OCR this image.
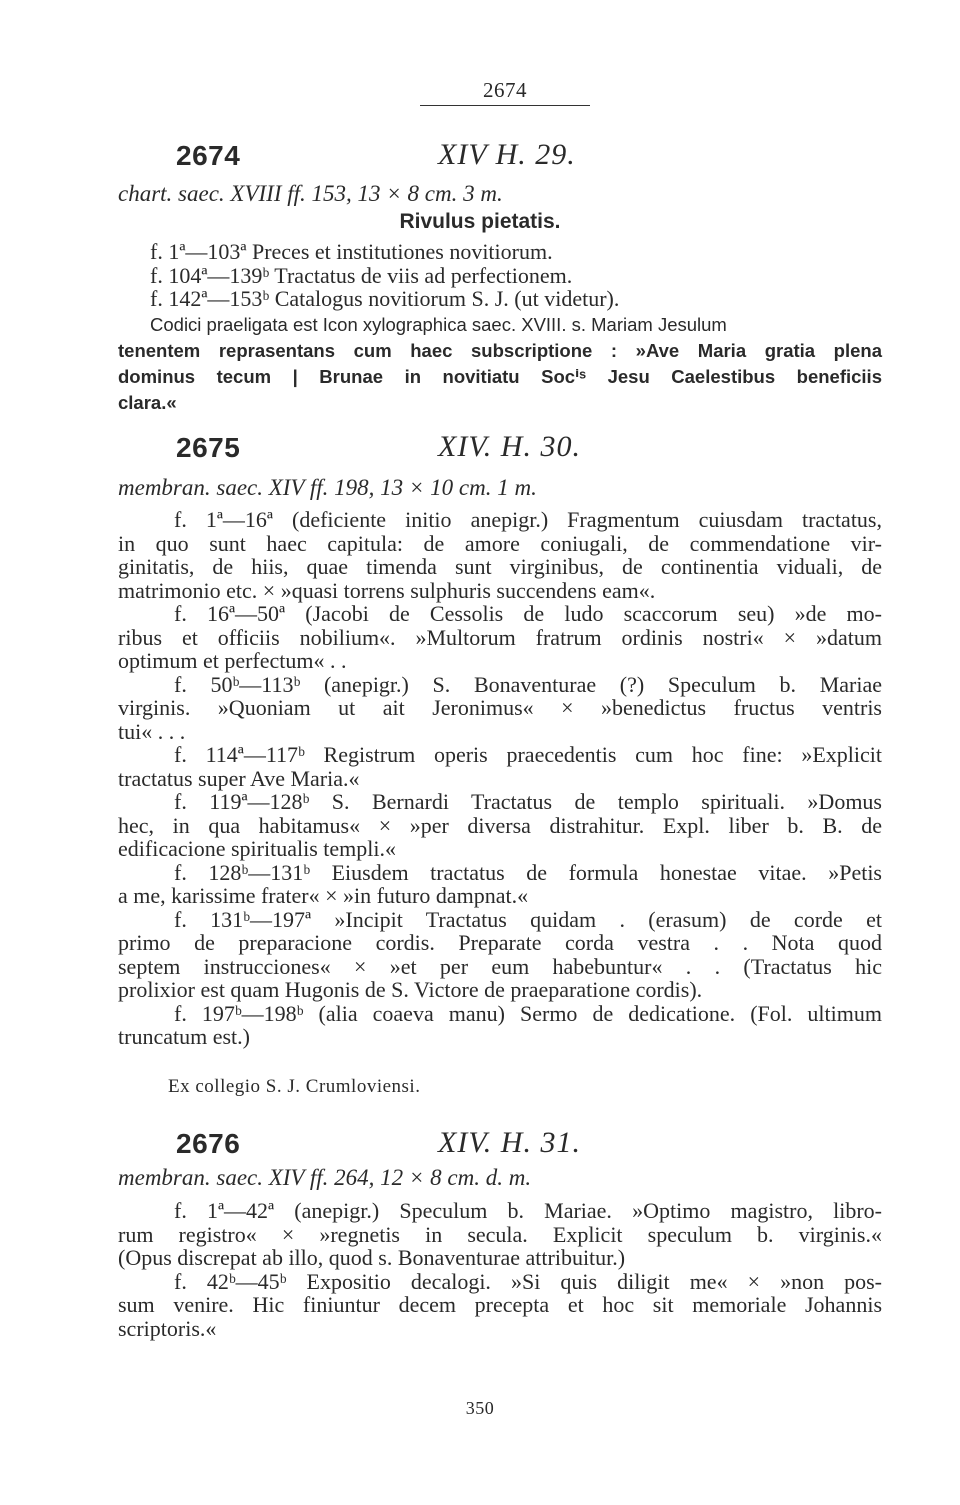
2674
2674	XIV H. 29.
chart. saec. XVIII ff. 153, 13 × 8 cm. 3 m.
Rivulus pietatis.

f. 1ª—103ª Preces et institutiones novitiorum.

f. 104ª—139ᵇ Tractatus de viis ad perfectionem.

f. 142ª—153ᵇ Catalogus novitiorum S. J. (ut videtur).

Codici praeligata est Icon xylographica saec. XVIII. s. Mariam Jesulum

tenentem reprasentans cum haec subscriptione : »Ave Maria gratia plena

dominus tecum | Brunae in novitiatu Socⁱˢ Jesu Caelestibus beneficiis

clara.«

2675	XIV. H. 30.
membran. saec. XIV ff. 198, 13 × 10 cm. 1 m.

f. 1ª—16ª (deficiente initio anepigr.) Fragmentum cuiusdam tractatus,

in quo sunt haec capitula: de amore coniugali, de commendatione vir-

ginitatis, de hiis, quae timenda sunt virginibus, de continentia viduali, de

matrimonio etc. × »quasi torrens sulphuris succendens eam«.

f. 16ª—50ª (Jacobi de Cessolis de ludo scaccorum seu) »de mo-

ribus et officiis nobilium«. »Multorum fratrum ordinis nostri« × »datum

optimum et perfectum« . .

f. 50ᵇ—113ᵇ (anepigr.) S. Bonaventurae (?) Speculum b. Mariae

virginis. »Quoniam ut ait Jeronimus« × »benedictus fructus ventris

tui« . . .

f. 114ª—117ᵇ Registrum operis praecedentis cum hoc fine: »Explicit

tractatus super Ave Maria.«

f. 119ª—128ᵇ S. Bernardi Tractatus de templo spirituali. »Domus

hec, in qua habitamus« × »per diversa distrahitur. Expl. liber b. B. de

edificacione spiritualis templi.«

f. 128ᵇ—131ᵇ Eiusdem tractatus de formula honestae vitae. »Petis

a me, karissime frater« × »in futuro dampnat.«

f. 131ᵇ—197ª »Incipit Tractatus quidam . (erasum) de corde et

primo de preparacione cordis. Preparate corda vestra . . Nota quod

septem instrucciones« × »et per eum habebuntur« . . (Tractatus hic

prolixior est quam Hugonis de S. Victore de praeparatione cordis).

f. 197ᵇ—198ᵇ (alia coaeva manu) Sermo de dedicatione. (Fol. ultimum

truncatum est.)

Ex collegio S. J. Crumloviensi.
2676	XIV. H. 31.
membran. saec. XIV ff. 264, 12 × 8 cm. d. m.

f. 1ª—42ª (anepigr.) Speculum b. Mariae. »Optimo magistro, libro-

rum registro« × »regnetis in secula. Explicit speculum b. virginis.«

(Opus discrepat ab illo, quod s. Bonaventurae attribuitur.)

f. 42ᵇ—45ᵇ Expositio decalogi. »Si quis diligit me« × »non pos-

sum venire. Hic finiuntur decem precepta et hoc sit memoriale Johannis

scriptoris.«

350
